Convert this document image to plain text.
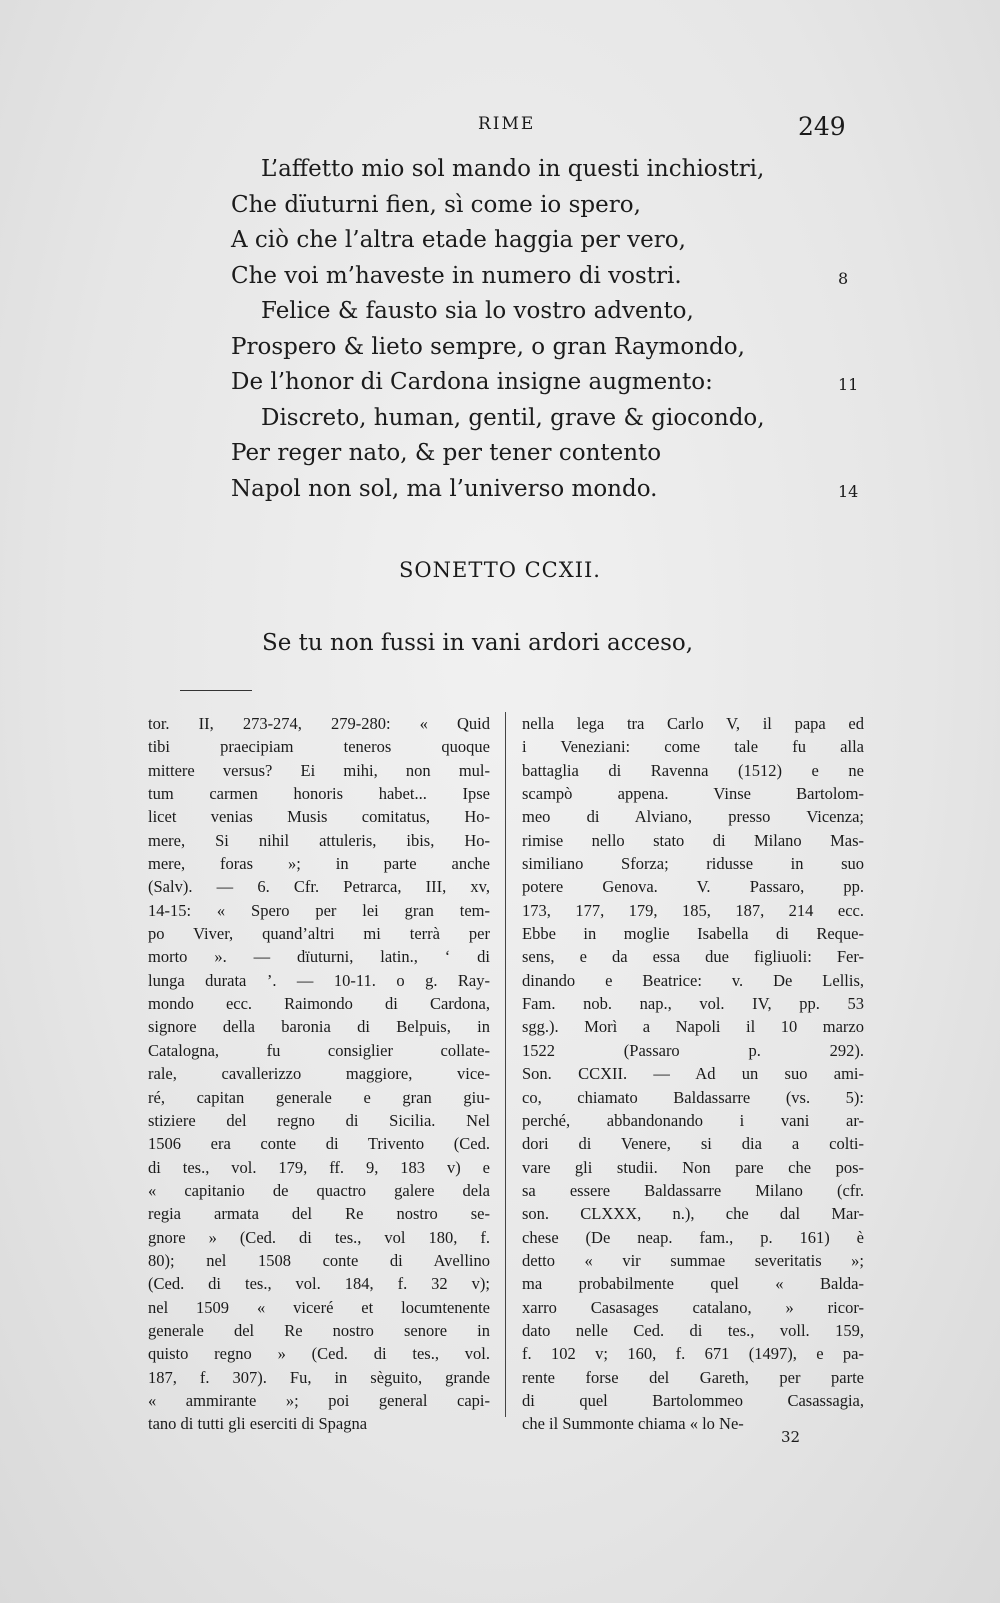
RIME	249
L’affetto mio sol mando in questi inchiostri,
Che dïuturni fien, sì come io spero,
A ciò che l’altra etade haggia per vero,
Che voi m’haveste in numero di vostri.	8
Felice & fausto sia lo vostro advento,
Prospero & lieto sempre, o gran Raymondo,
De l’honor di Cardona insigne augmento:	11
Discreto, human, gentil, grave & giocondo,
Per reger nato, & per tener contento
Napol non sol, ma l’universo mondo.	14
SONETTO CCXII.
Se tu non fussi in vani ardori acceso,
tor. II, 273-274, 279-280: « Quid
tibi praecipiam teneros quoque
mittere versus? Ei mihi, non mul-
tum carmen honoris habet... Ipse
licet venias Musis comitatus, Ho-
mere, Si nihil attuleris, ibis, Ho-
mere, foras »; in parte anche
(Salv). — 6. Cfr. Petrarca, III, xv,
14-15: « Spero per lei gran tem-
po Viver, quand’altri mi terrà per
morto ». — dïuturni, latin., ‘ di
lunga durata ’. — 10-11. o g. Ray-
mondo ecc. Raimondo di Cardona,
signore della baronia di Belpuis, in
Catalogna, fu consiglier collate-
rale, cavallerizzo maggiore, vice-
ré, capitan generale e gran giu-
stiziere del regno di Sicilia. Nel
1506 era conte di Trivento (Ced.
di tes., vol. 179, ff. 9, 183 v) e
« capitanio de quactro galere dela
regia armata del Re nostro se-
gnore » (Ced. di tes., vol 180, f.
80); nel 1508 conte di Avellino
(Ced. di tes., vol. 184, f. 32 v);
nel 1509 « viceré et locumtenente
generale del Re nostro senore in
quisto regno » (Ced. di tes., vol.
187, f. 307). Fu, in sèguito, grande
« ammirante »; poi general capi-
tano di tutti gli eserciti di Spagna
nella lega tra Carlo V, il papa ed
i Veneziani: come tale fu alla
battaglia di Ravenna (1512) e ne
scampò appena. Vinse Bartolom-
meo di Alviano, presso Vicenza;
rimise nello stato di Milano Mas-
similiano Sforza; ridusse in suo
potere Genova. V. Passaro, pp.
173, 177, 179, 185, 187, 214 ecc.
Ebbe in moglie Isabella di Reque-
sens, e da essa due figliuoli: Fer-
dinando e Beatrice: v. De Lellis,
Fam. nob. nap., vol. IV, pp. 53
sgg.). Morì a Napoli il 10 marzo
1522 (Passaro p. 292).
Son. CCXII. — Ad un suo ami-
co, chiamato Baldassarre (vs. 5):
perché, abbandonando i vani ar-
dori di Venere, si dia a colti-
vare gli studii. Non pare che pos-
sa essere Baldassarre Milano (cfr.
son. CLXXX, n.), che dal Mar-
chese (De neap. fam., p. 161) è
detto « vir summae severitatis »;
ma probabilmente quel « Balda-
xarro Casasages catalano, » ricor-
dato nelle Ced. di tes., voll. 159,
f. 102 v; 160, f. 671 (1497), e pa-
rente forse del Gareth, per parte
di quel Bartolommeo Casassagia,
che il Summonte chiama « lo Ne-
32
